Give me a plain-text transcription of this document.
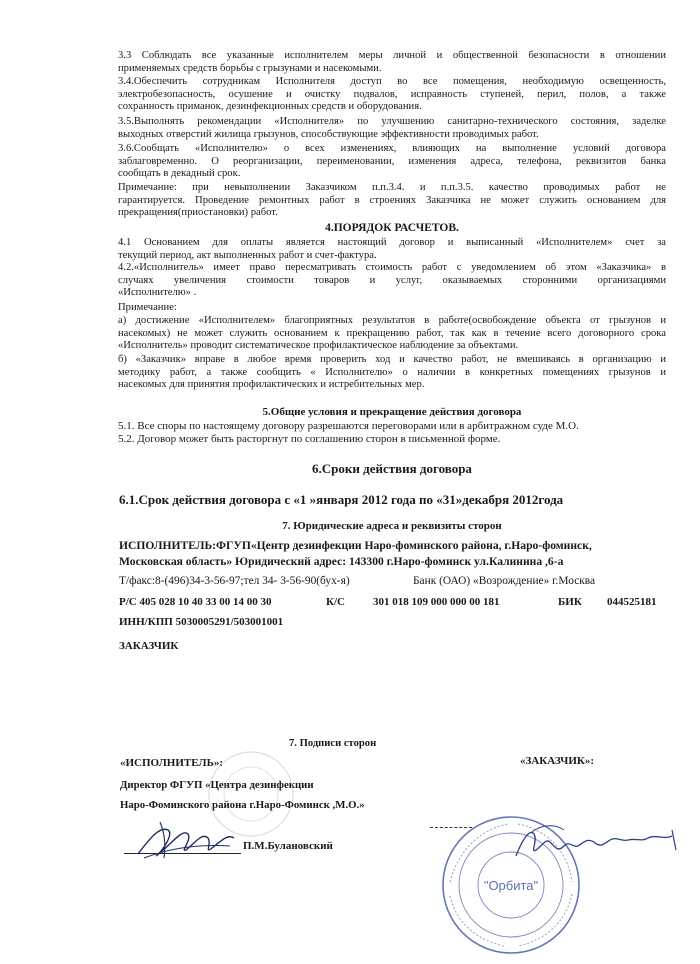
3.3 Соблюдать все указанные исполнителем меры личной и общественной безопасности в отношении
применяемых средств борьбы с грызунами и насекомыми.
3.4.Обеспечить сотрудникам Исполнителя доступ во все помещения, необходимую освещенность,
электробезопасность, осушение и очистку подвалов, исправность ступеней, перил, полов, а также
сохранность приманок, дезинфекционных средств и оборудования.
3.5.Выполнять рекомендации «Исполнителя» по улучшению санитарно-технического состояния, заделке
выходных отверстий жилища грызунов, способствующие эффективности проводимых работ.
3.6.Сообщать «Исполнителю» о всех изменениях, влияющих на выполнение условий договора
заблаговременно. О реорганизации, переименовании, изменения адреса, телефона, реквизитов банка
сообщать в декадный срок.
Примечание: при невыполнении Заказчиком п.п.3.4. и п.п.3.5. качество проводимых работ не
гарантируется. Проведение ремонтных работ в строениях Заказчика не может служить основанием для
прекращения(приостановки) работ.
4.ПОРЯДОК РАСЧЕТОВ.
4.1 Основанием для оплаты является настоящий договор и выписанный «Исполнителем» счет за
текущий период, акт выполненных работ и счет-фактура.
4.2.«Исполнитель» имеет право пересматривать стоимость работ с уведомлением об этом «Заказчика» в
случаях увеличения стоимости товаров и услуг, оказываемых сторонними организациями
«Исполнителю» .
Примечание:
а) достижение «Исполнителем» благоприятных результатов в работе(освобождение объекта от грызунов и
насекомых) не может служить основанием к прекращению работ, так как в течение всего договорного срока
«Исполнитель» проводит систематическое профилактическое наблюдение за объектами.
б) «Заказчик» вправе в любое время проверить ход и качество работ, не вмешиваясь в организацию и
методику работ, а также сообщить « Исполнителю» о наличии в конкретных помещениях грызунов и
насекомых для принятия профилактических и истребительных мер.
5.Общие условия и прекращение действия договора
5.1. Все споры по настоящему договору разрешаются переговорами или в арбитражном суде М.О.
5.2. Договор может быть расторгнут по соглашению сторон в письменной форме.
6.Сроки действия договора
6.1.Срок действия договора с «1 »января 2012 года по «31»декабря 2012года
7. Юридические адреса и реквизиты сторон
ИСПОЛНИТЕЛЬ:ФГУП«Центр дезинфекции Наро-фоминского района, г.Наро-фоминск,
Московская область» Юридический адрес: 143300 г.Наро-фоминск ул.Калинина ,6-а
Т/факс:8-(496)34-3-56-97;тел 34- 3-56-90(бух-я)	Банк (ОАО) «Возрождение» г.Москва
Р/С 405 028 10 40 33 00 14 00 30	К/С	301 018 109 000 000 00 181	БИК 044525181
ИНН/КПП 5030005291/503001001
ЗАКАЗЧИК
7. Подписи сторон
«ИСПОЛНИТЕЛЬ»:	«ЗАКАЗЧИК»:
Директор ФГУП «Центра дезинфекции
Наро-Фоминского района г.Наро-Фоминск ,М.О.»
П.М.Булановский
"Орбита"
